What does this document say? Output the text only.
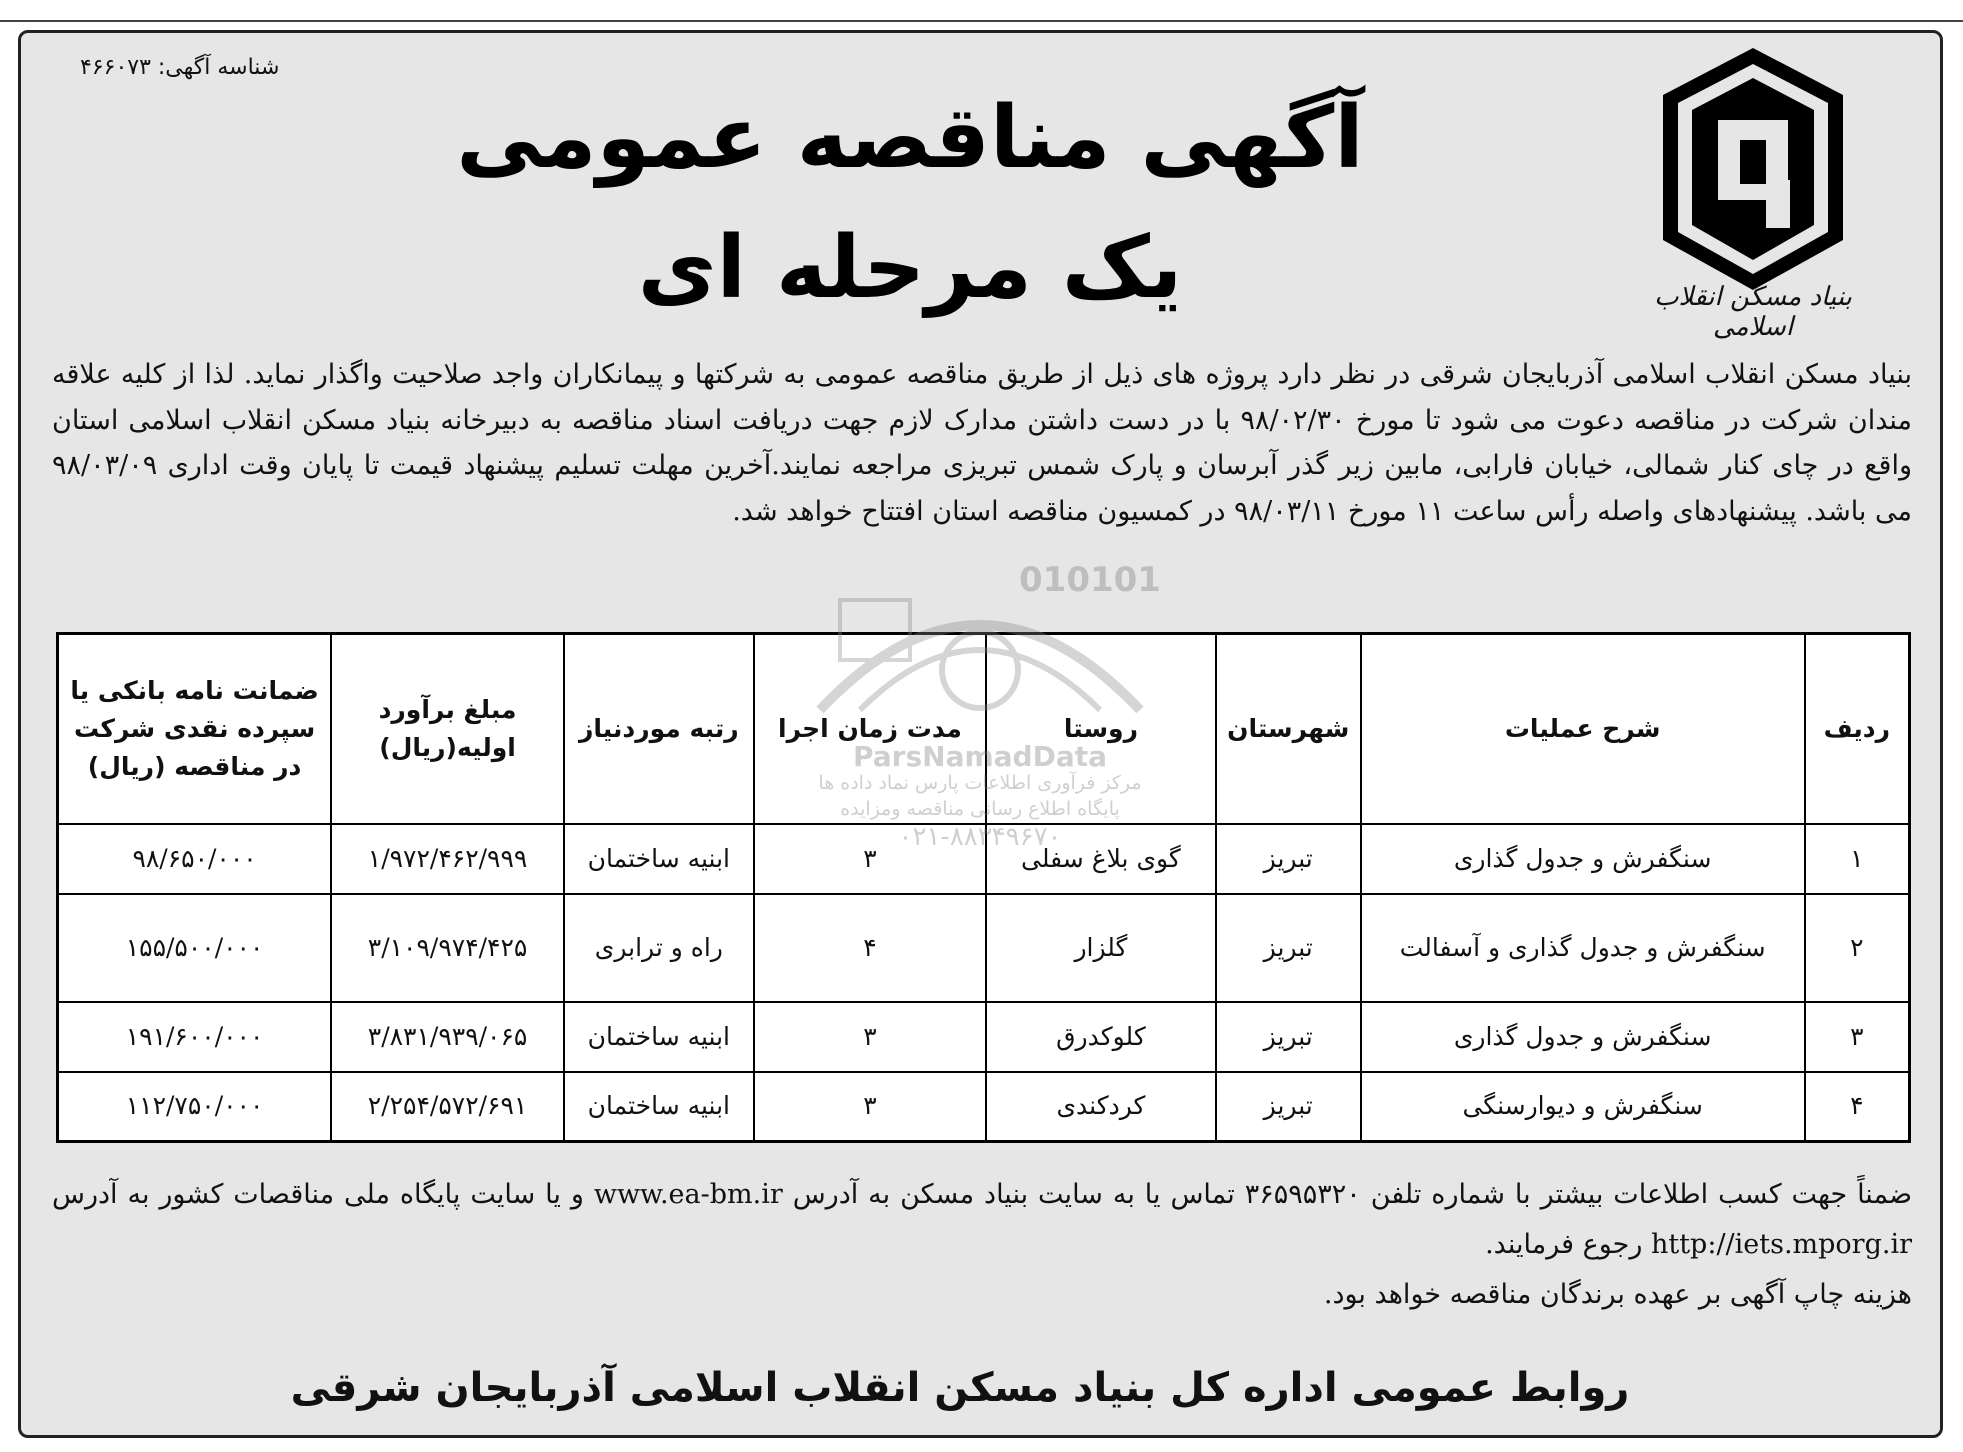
شناسه آگهی: ۴۶۶۰۷۳
بنیاد مسکن انقلاب اسلامی
آگهی مناقصه عمومی
یک مرحله ای
بنیاد مسکن انقلاب اسلامی آذربایجان شرقی در نظر دارد پروژه های ذیل از طریق مناقصه عمومی به شرکتها و پیمانکاران واجد صلاحیت واگذار نماید. لذا از کلیه علاقه مندان شرکت در مناقصه دعوت می شود تا مورخ ۹۸/۰۲/۳۰ با در دست داشتن مدارک لازم جهت دریافت اسناد مناقصه به دبیرخانه بنیاد مسکن انقلاب اسلامی استان واقع در چای کنار شمالی، خیابان فارابی، مابین زیر گذر آبرسان و پارک شمس تبریزی مراجعه نمایند.آخرین مهلت تسلیم پیشنهاد قیمت تا پایان وقت اداری ۹۸/۰۳/۰۹ می باشد. پیشنهادهای واصله رأس ساعت ۱۱ مورخ ۹۸/۰۳/۱۱ در کمسیون مناقصه استان افتتاح خواهد شد.
ردیف	شرح عملیات	شهرستان	روستا	مدت زمان اجرا	رتبه موردنیاز	مبلغ برآورد اولیه(ریال)	ضمانت نامه بانکی یا سپرده نقدی شرکت در مناقصه (ریال)
۱	سنگفرش و جدول گذاری	تبریز	گوی بلاغ سفلی	۳	ابنیه ساختمان	۱/۹۷۲/۴۶۲/۹۹۹	۹۸/۶۵۰/۰۰۰
۲	سنگفرش و جدول گذاری و آسفالت	تبریز	گلزار	۴	راه و ترابری	۳/۱۰۹/۹۷۴/۴۲۵	۱۵۵/۵۰۰/۰۰۰
۳	سنگفرش و جدول گذاری	تبریز	کلوکدرق	۳	ابنیه ساختمان	۳/۸۳۱/۹۳۹/۰۶۵	۱۹۱/۶۰۰/۰۰۰
۴	سنگفرش و دیوارسنگی	تبریز	کردکندی	۳	ابنیه ساختمان	۲/۲۵۴/۵۷۲/۶۹۱	۱۱۲/۷۵۰/۰۰۰
010101
ParsNamadData
مرکز فرآوری اطلاعات پارس نماد داده ها
پایگاه اطلاع رسانی مناقصه ومزایده
۰۲۱-۸۸۳۴۹۶۷۰
ضمناً جهت کسب اطلاعات بیشتر با شماره تلفن ۳۶۵۹۵۳۲۰ تماس یا به سایت بنیاد مسکن به آدرس www.ea-bm.ir و یا سایت پایگاه ملی مناقصات کشور به آدرس http://iets.mporg.ir رجوع فرمایند.
هزینه چاپ آگهی بر عهده برندگان مناقصه خواهد بود.
روابط عمومی اداره کل بنیاد مسکن انقلاب اسلامی آذربایجان شرقی
